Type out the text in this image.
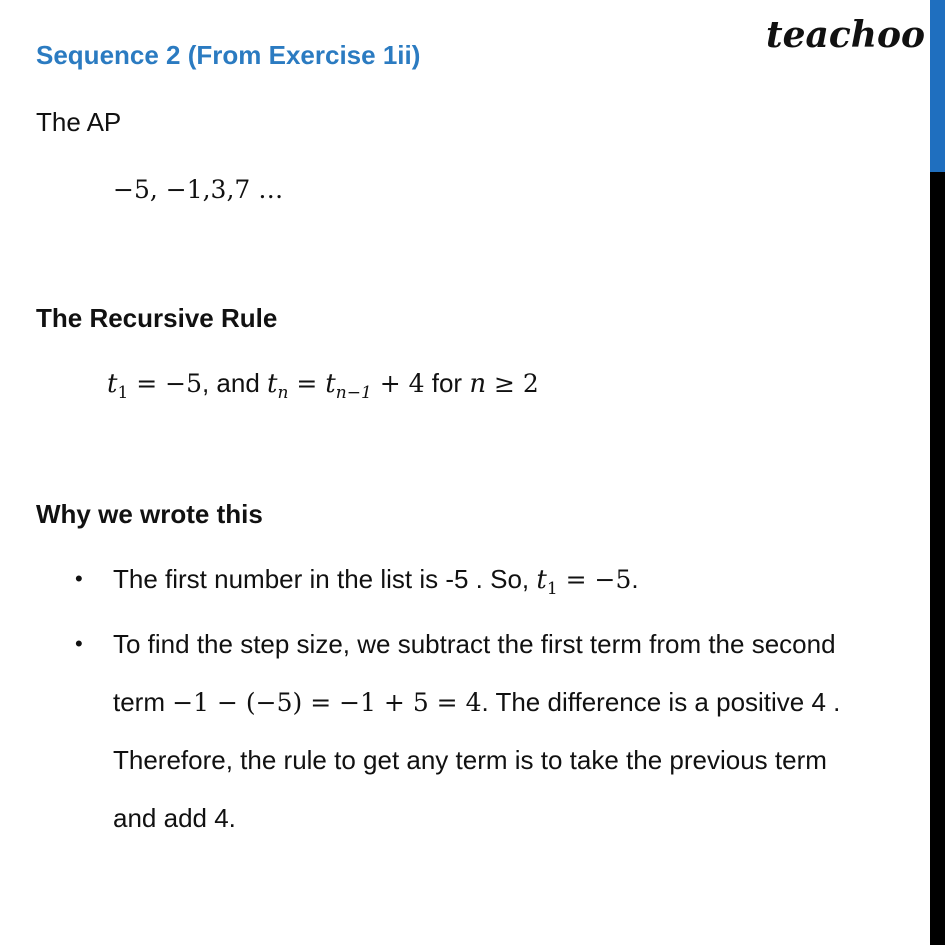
Sequence 2 (From Exercise 1ii)	teachoo
The AP
−5, −1,3,7 …
The Recursive Rule
$t_1 = -5$, and $t_n = t_{n-1} + 4$ for n ≥ 2
Why we wrote this
• The first number in the list is -5 . So, $t_1 = -5$.
• To find the step size, we subtract the first term from the second
term −1 − (−5) = −1 + 5 = 4. The difference is a positive 4 .
Therefore, the rule to get any term is to take the previous term
and add 4.
